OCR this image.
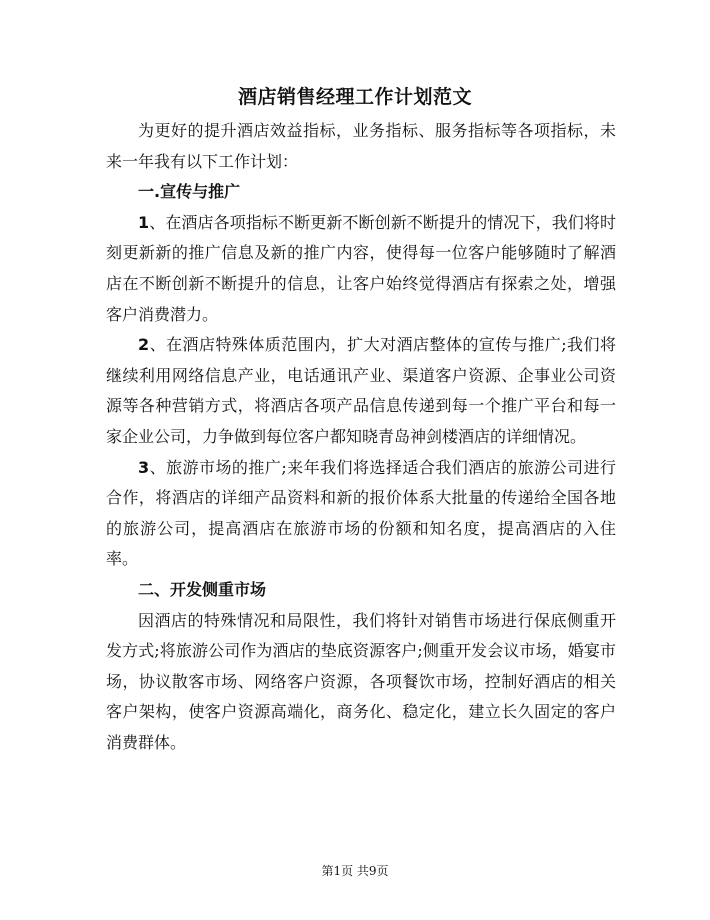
酒店销售经理工作计划范文

为更好的提升酒店效益指标，业务指标、服务指标等各项指标，未来一年我有以下工作计划：

一.宣传与推广

1、在酒店各项指标不断更新不断创新不断提升的情况下，我们将时刻更新新的推广信息及新的推广内容，使得每一位客户能够随时了解酒店在不断创新不断提升的信息，让客户始终觉得酒店有探索之处，增强客户消费潜力。

2、在酒店特殊体质范围内，扩大对酒店整体的宣传与推广;我们将继续利用网络信息产业，电话通讯产业、渠道客户资源、企事业公司资源等各种营销方式，将酒店各项产品信息传递到每一个推广平台和每一家企业公司，力争做到每位客户都知晓青岛神剑楼酒店的详细情况。

3、旅游市场的推广;来年我们将选择适合我们酒店的旅游公司进行合作，将酒店的详细产品资料和新的报价体系大批量的传递给全国各地的旅游公司，提高酒店在旅游市场的份额和知名度，提高酒店的入住率。

二、开发侧重市场

因酒店的特殊情况和局限性，我们将针对销售市场进行保底侧重开发方式;将旅游公司作为酒店的垫底资源客户;侧重开发会议市场，婚宴市场，协议散客市场、网络客户资源，各项餐饮市场，控制好酒店的相关客户架构，使客户资源高端化，商务化、稳定化，建立长久固定的客户消费群体。

第1页 共9页
